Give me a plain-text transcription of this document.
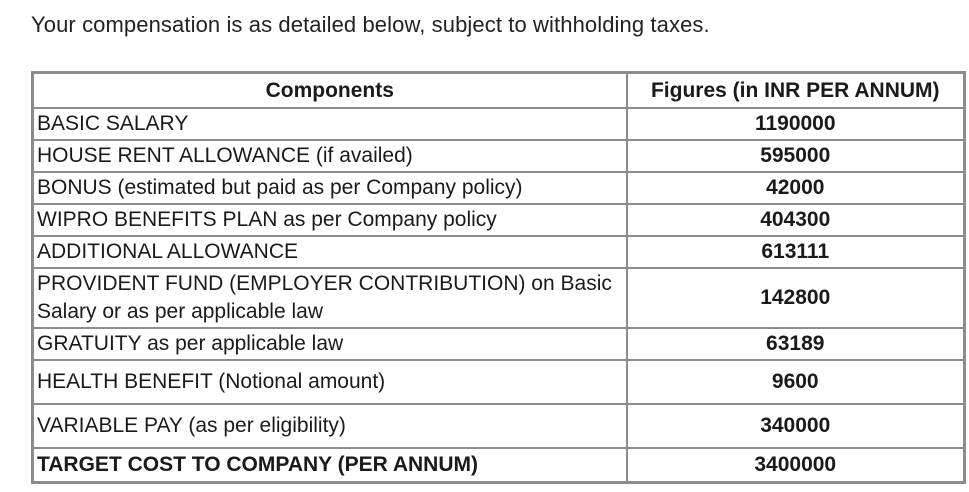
Your compensation is as detailed below, subject to withholding taxes.
Components	Figures (in INR PER ANNUM)
BASIC SALARY	1190000
HOUSE RENT ALLOWANCE (if availed)	595000
BONUS (estimated but paid as per Company policy)	42000
WIPRO BENEFITS PLAN as per Company policy	404300
ADDITIONAL ALLOWANCE	613111
PROVIDENT FUND (EMPLOYER CONTRIBUTION) on Basic Salary or as per applicable law	142800
GRATUITY as per applicable law	63189
HEALTH BENEFIT (Notional amount)	9600
VARIABLE PAY (as per eligibility)	340000
TARGET COST TO COMPANY (PER ANNUM)	3400000
